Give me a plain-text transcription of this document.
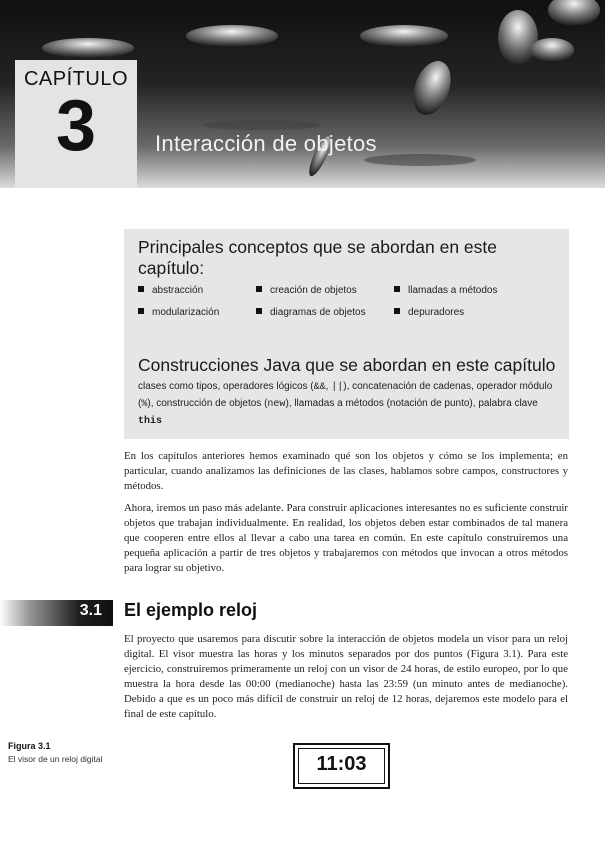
CAPÍTULO
3	Interacción de objetos
Principales conceptos que se abordan en este
capítulo:
abstracción	creación de objetos	llamadas a métodos
modularización	diagramas de objetos	depuradores
Construcciones Java que se abordan en este capítulo
clases como tipos, operadores lógicos (&&, ||), concatenación de cadenas, operador módulo (%), construcción de objetos (new), llamadas a métodos (notación de punto), palabra clave this
En los capítulos anteriores hemos examinado qué son los objetos y cómo se los implementa; en particular, cuando analizamos las definiciones de las clases, hablamos sobre campos, constructores y métodos.
Ahora, iremos un paso más adelante. Para construir aplicaciones interesantes no es suficiente construir objetos que trabajan individualmente. En realidad, los objetos deben estar combinados de tal manera que cooperen entre ellos al llevar a cabo una tarea en común. En este capítulo construiremos una pequeña aplicación a partir de tres objetos y trabajaremos con métodos que invocan a otros métodos para lograr su objetivo.
3.1 El ejemplo reloj
El proyecto que usaremos para discutir sobre la interacción de objetos modela un visor para un reloj digital. El visor muestra las horas y los minutos separados por dos puntos (Figura 3.1). Para este ejercicio, construiremos primeramente un reloj con un visor de 24 horas, de estilo europeo, por lo que muestra la hora desde las 00:00 (medianoche) hasta las 23:59 (un minuto antes de medianoche). Debido a que es un poco más difícil de construir un reloj de 12 horas, dejaremos este modelo para el final de este capítulo.
Figura 3.1
El visor de un reloj digital	11:03
